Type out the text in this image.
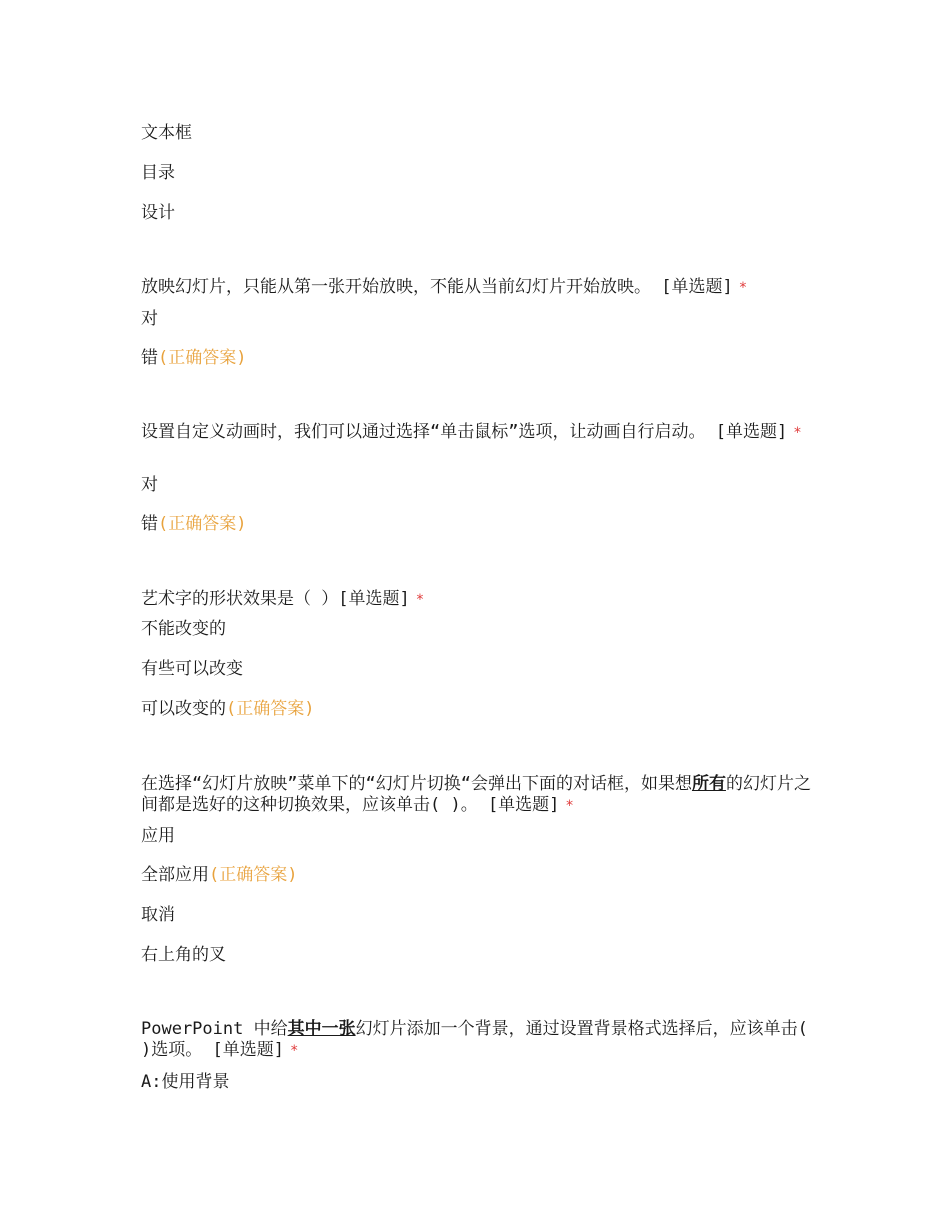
文本框

目录

设计

放映幻灯片，只能从第一张开始放映，不能从当前幻灯片开始放映。 [单选题] *

对

错(正确答案)

设置自定义动画时，我们可以通过选择“单击鼠标”选项，让动画自行启动。 [单选题] *

对

错(正确答案)

艺术字的形状效果是（ ）[单选题] *

不能改变的

有些可以改变

可以改变的(正确答案)

在选择“幻灯片放映”菜单下的“幻灯片切换“会弹出下面的对话框，如果想所有的幻灯片之间都是选好的这种切换效果，应该单击( )。 [单选题] *

应用

全部应用(正确答案)

取消

右上角的叉

PowerPoint 中给其中一张幻灯片添加一个背景，通过设置背景格式选择后，应该单击( )选项。 [单选题] *

A:使用背景
